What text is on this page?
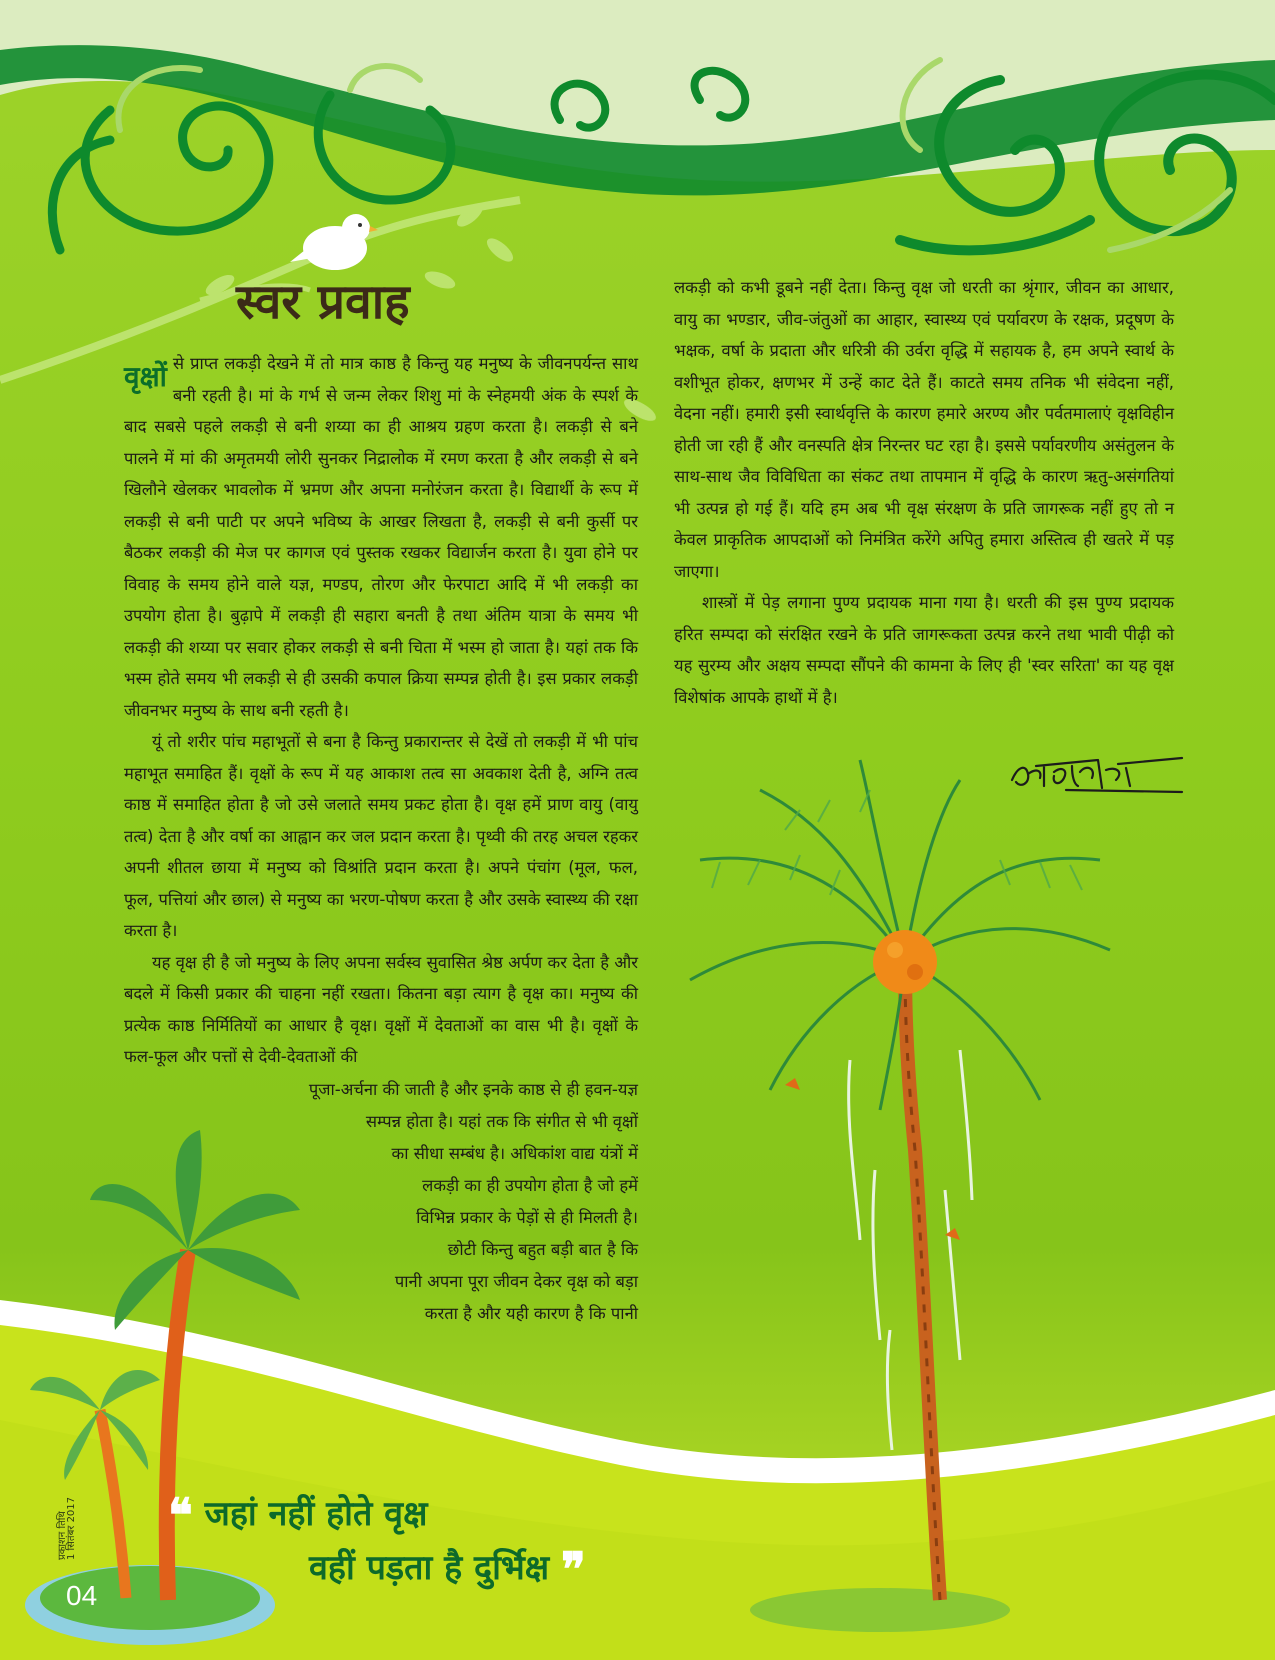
स्वर प्रवाह

वृक्षों से प्राप्त लकड़ी देखने में तो मात्र काष्ठ है किन्तु यह मनुष्य के जीवनपर्यन्त साथ बनी रहती है। मां के गर्भ से जन्म लेकर शिशु मां के स्नेहमयी अंक के स्पर्श के बाद सबसे पहले लकड़ी से बनी शय्या का ही आश्रय ग्रहण करता है। लकड़ी से बने पालने में मां की अमृतमयी लोरी सुनकर निद्रालोक में रमण करता है और लकड़ी से बने खिलौने खेलकर भावलोक में भ्रमण और अपना मनोरंजन करता है। विद्यार्थी के रूप में लकड़ी से बनी पाटी पर अपने भविष्य के आखर लिखता है, लकड़ी से बनी कुर्सी पर बैठकर लकड़ी की मेज पर कागज एवं पुस्तक रखकर विद्यार्जन करता है। युवा होने पर विवाह के समय होने वाले यज्ञ, मण्डप, तोरण और फेरपाटा आदि में भी लकड़ी का उपयोग होता है। बुढ़ापे में लकड़ी ही सहारा बनती है तथा अंतिम यात्रा के समय भी लकड़ी की शय्या पर सवार होकर लकड़ी से बनी चिता में भस्म हो जाता है। यहां तक कि भस्म होते समय भी लकड़ी से ही उसकी कपाल क्रिया सम्पन्न होती है। इस प्रकार लकड़ी जीवनभर मनुष्य के साथ बनी रहती है।

यूं तो शरीर पांच महाभूतों से बना है किन्तु प्रकारान्तर से देखें तो लकड़ी में भी पांच महाभूत समाहित हैं। वृक्षों के रूप में यह आकाश तत्व सा अवकाश देती है, अग्नि तत्व काष्ठ में समाहित होता है जो उसे जलाते समय प्रकट होता है। वृक्ष हमें प्राण वायु (वायु तत्व) देता है और वर्षा का आह्वान कर जल प्रदान करता है। पृथ्वी की तरह अचल रहकर अपनी शीतल छाया में मनुष्य को विश्रांति प्रदान करता है। अपने पंचांग (मूल, फल, फूल, पत्तियां और छाल) से मनुष्य का भरण-पोषण करता है और उसके स्वास्थ्य की रक्षा करता है।

यह वृक्ष ही है जो मनुष्य के लिए अपना सर्वस्व सुवासित श्रेष्ठ अर्पण कर देता है और बदले में किसी प्रकार की चाहना नहीं रखता। कितना बड़ा त्याग है वृक्ष का। मनुष्य की प्रत्येक काष्ठ निर्मितियों का आधार है वृक्ष। वृक्षों में देवताओं का वास भी है। वृक्षों के फल-फूल और पत्तों से देवी-देवताओं की

पूजा-अर्चना की जाती है और इनके काष्ठ से ही हवन-यज्ञ

सम्पन्न होता है। यहां तक कि संगीत से भी वृक्षों

का सीधा सम्बंध है। अधिकांश वाद्य यंत्रों में

लकड़ी का ही उपयोग होता है जो हमें

विभिन्न प्रकार के पेड़ों से ही मिलती है।

छोटी किन्तु बहुत बड़ी बात है कि

पानी अपना पूरा जीवन देकर वृक्ष को बड़ा

करता है और यही कारण है कि पानी

लकड़ी को कभी डूबने नहीं देता। किन्तु वृक्ष जो धरती का श्रृंगार, जीवन का आधार, वायु का भण्डार, जीव-जंतुओं का आहार, स्वास्थ्य एवं पर्यावरण के रक्षक, प्रदूषण के भक्षक, वर्षा के प्रदाता और धरित्री की उर्वरा वृद्धि में सहायक है, हम अपने स्वार्थ के वशीभूत होकर, क्षणभर में उन्हें काट देते हैं। काटते समय तनिक भी संवेदना नहीं, वेदना नहीं। हमारी इसी स्वार्थवृत्ति के कारण हमारे अरण्य और पर्वतमालाएं वृक्षविहीन होती जा रही हैं और वनस्पति क्षेत्र निरन्तर घट रहा है। इससे पर्यावरणीय असंतुलन के साथ-साथ जैव विविधिता का संकट तथा तापमान में वृद्धि के कारण ऋतु-असंगतियां भी उत्पन्न हो गई हैं। यदि हम अब भी वृक्ष संरक्षण के प्रति जागरूक नहीं हुए तो न केवल प्राकृतिक आपदाओं को निमंत्रित करेंगे अपितु हमारा अस्तित्व ही खतरे में पड़ जाएगा।

शास्त्रों में पेड़ लगाना पुण्य प्रदायक माना गया है। धरती की इस पुण्य प्रदायक हरित सम्पदा को संरक्षित रखने के प्रति जागरूकता उत्पन्न करने तथा भावी पीढ़ी को यह सुरम्य और अक्षय सम्पदा सौंपने की कामना के लिए ही 'स्वर सरिता' का यह वृक्ष विशेषांक आपके हाथों में है।

❝ जहां नहीं होते वृक्ष
वहीं पड़ता है दुर्भिक्ष ❞
प्रकाशन तिथि
1 सितंबर 2017
04
